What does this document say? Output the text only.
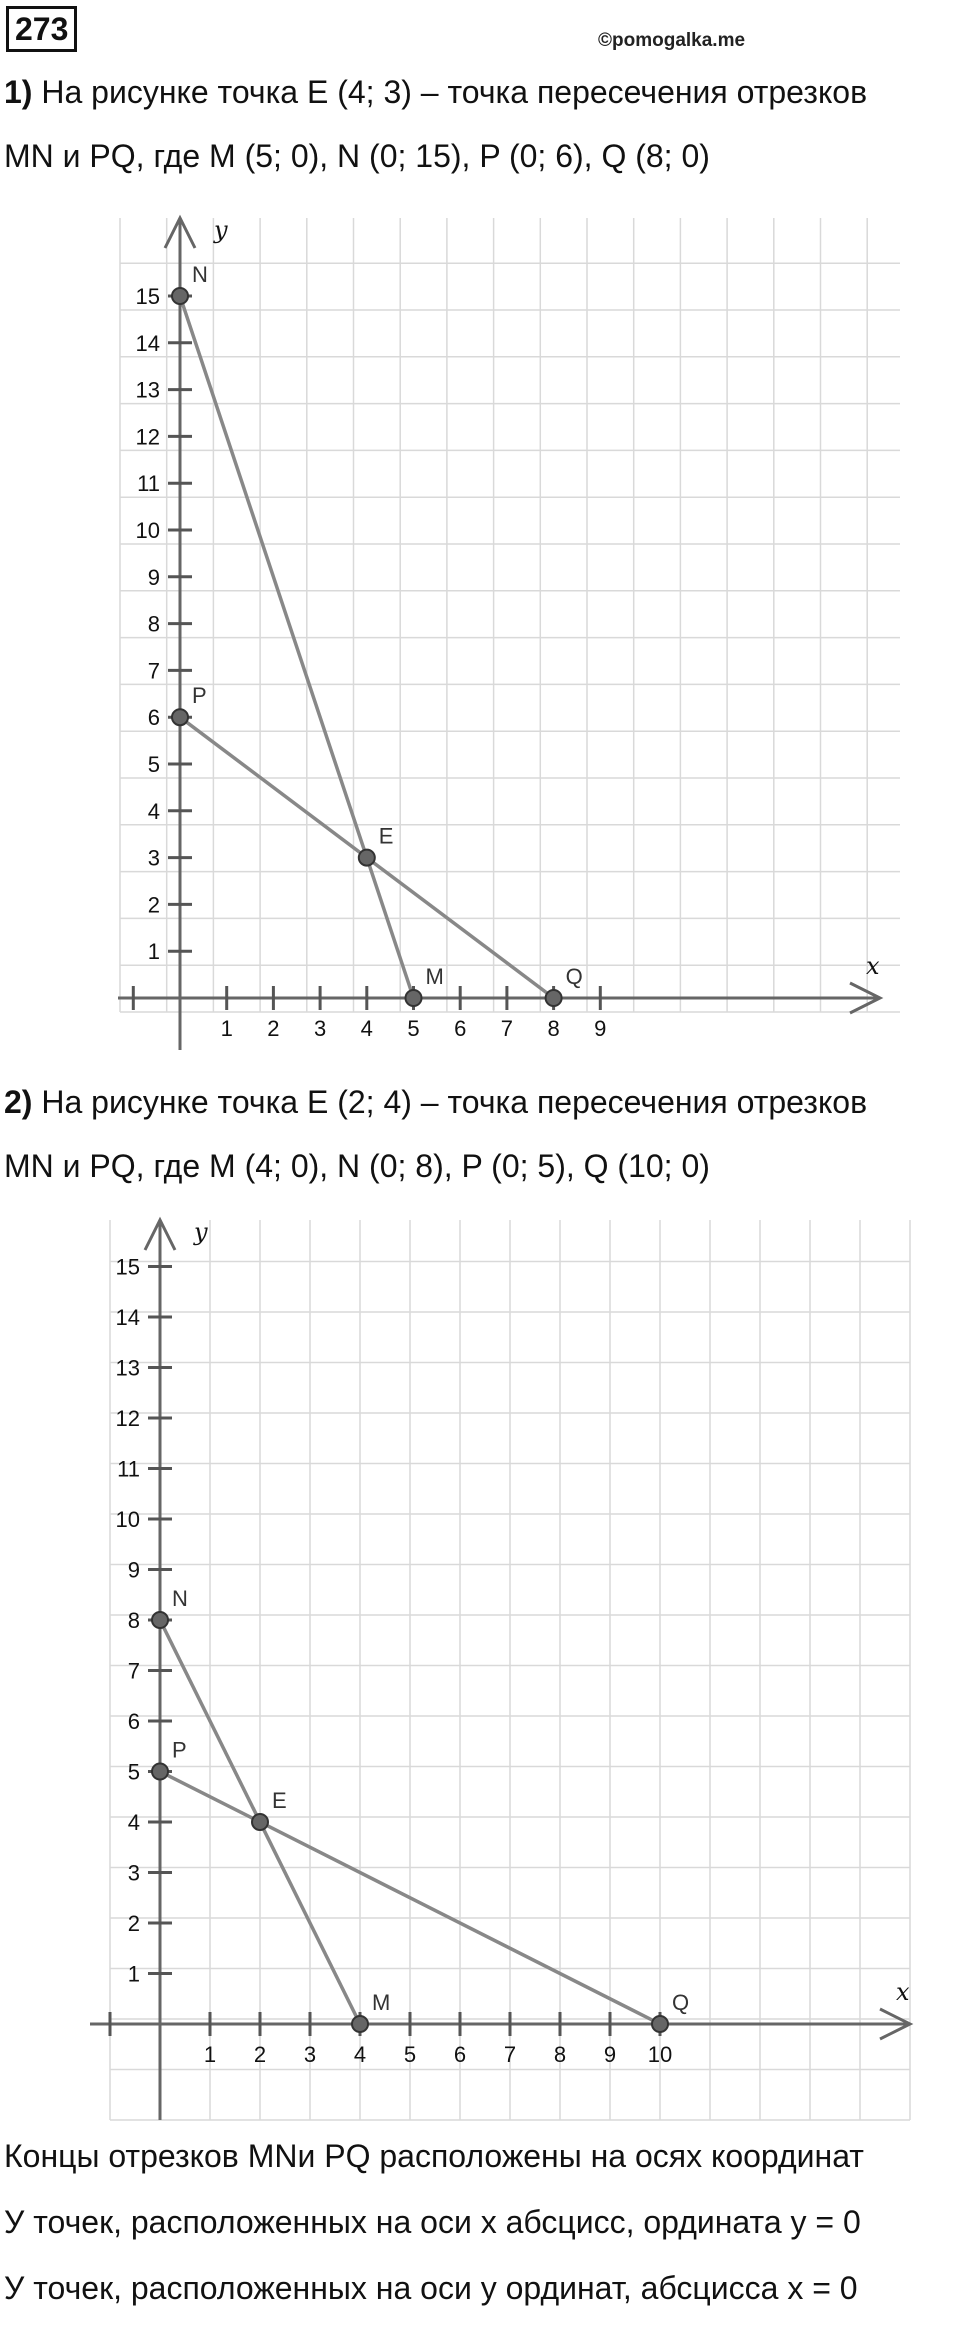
273	©pomogalka.me
1) На рисунке точка E (4; 3) – точка пересечения отрезков
MN и PQ, где M (5; 0), N (0; 15), P (0; 6), Q (8; 0)
x
y
1 2 3 4 5 6 7 8 9
1
2
3
4
5
6
7
8
9
10
11
12
13
14
15
N
P
E
M	Q
2) На рисунке точка E (2; 4) – точка пересечения отрезков
MN и PQ, где M (4; 0), N (0; 8), P (0; 5), Q (10; 0)
x
y
1 2 3 4 5 6 7 8 9 10
1
2
3
4
5
6
7
8
9
10
11
12
13
14
15
N
P
E
M	Q
Концы отрезков MNи PQ расположены на осях координат
У точек, расположенных на оси x абсцисс, ордината y = 0
У точек, расположенных на оси y ординат, абсцисса x = 0
